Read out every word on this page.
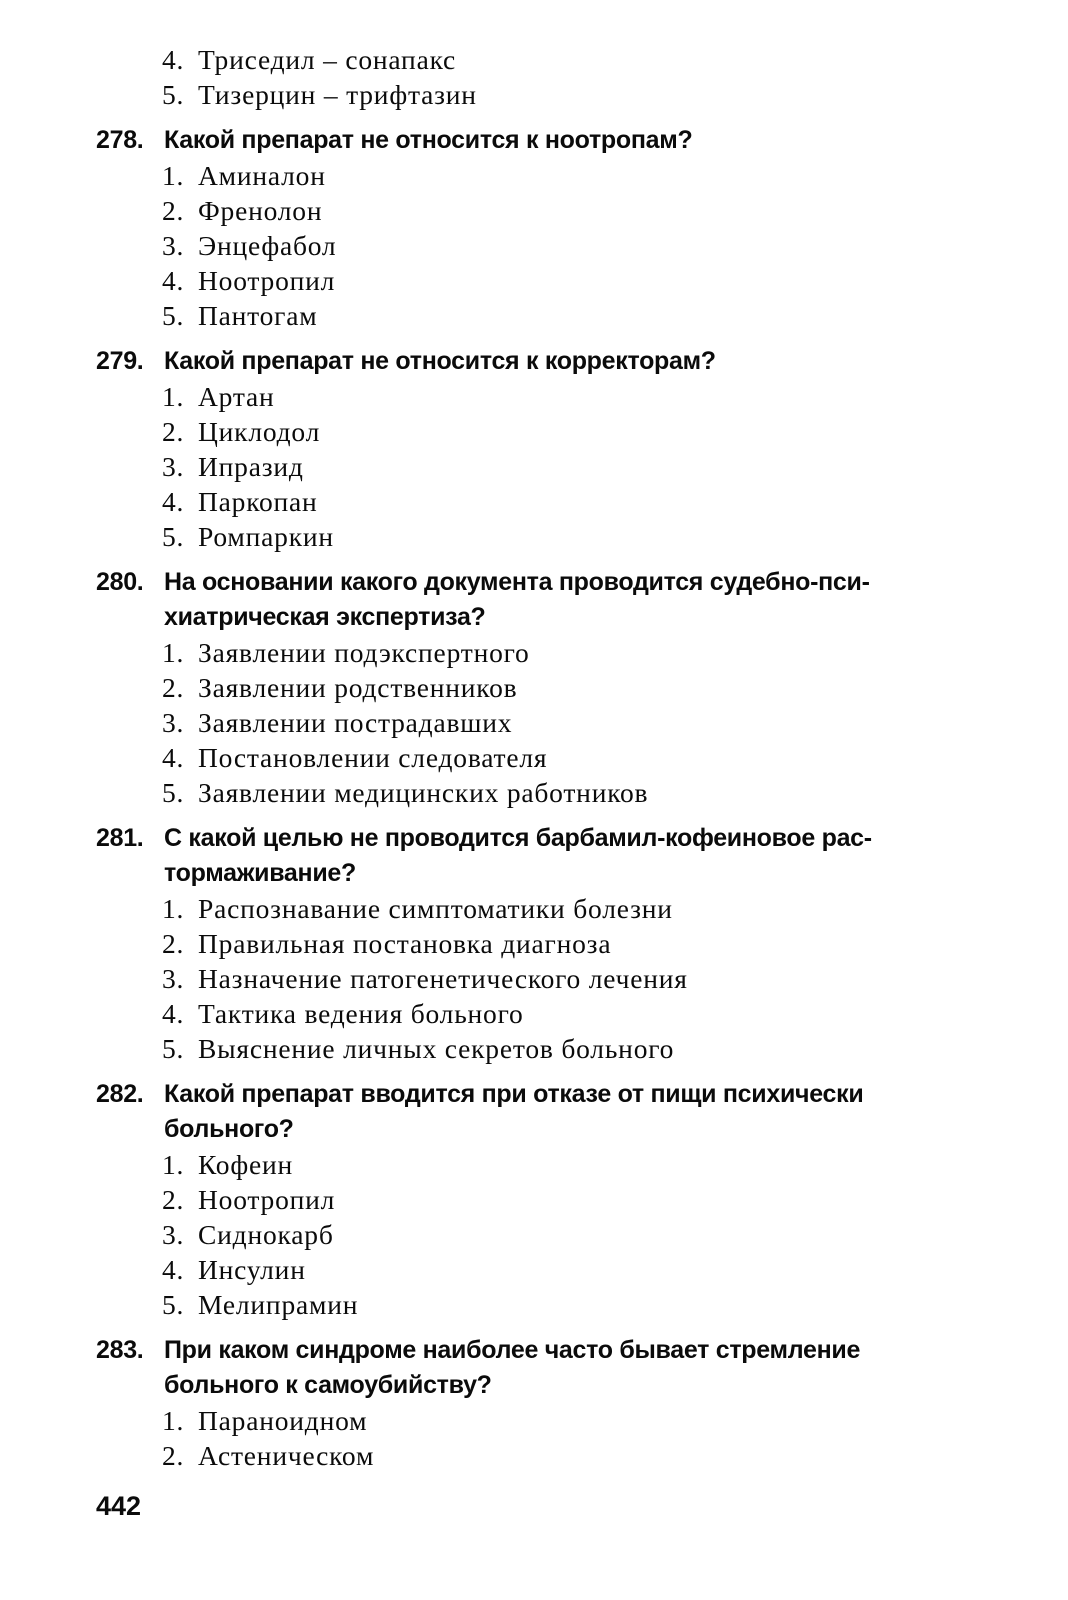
4. Триседил – сонапакс
5. Тизерцин – трифтазин
278. Какой препарат не относится к ноотропам?
1. Аминалон
2. Френолон
3. Энцефабол
4. Ноотропил
5. Пантогам
279. Какой препарат не относится к корректорам?
1. Артан
2. Циклодол
3. Ипразид
4. Паркопан
5. Ромпаркин
280. На основании какого документа проводится судебно-пси-
хиатрическая экспертиза?
1. Заявлении подэкспертного
2. Заявлении родственников
3. Заявлении пострадавших
4. Постановлении следователя
5. Заявлении медицинских работников
281. С какой целью не проводится барбамил-кофеиновое рас-
тормаживание?
1. Распознавание симптоматики болезни
2. Правильная постановка диагноза
3. Назначение патогенетического лечения
4. Тактика ведения больного
5. Выяснение личных секретов больного
282. Какой препарат вводится при отказе от пищи психически
больного?
1. Кофеин
2. Ноотропил
3. Сиднокарб
4. Инсулин
5. Мелипрамин
283. При каком синдроме наиболее часто бывает стремление
больного к самоубийству?
1. Параноидном
2. Астеническом
442
